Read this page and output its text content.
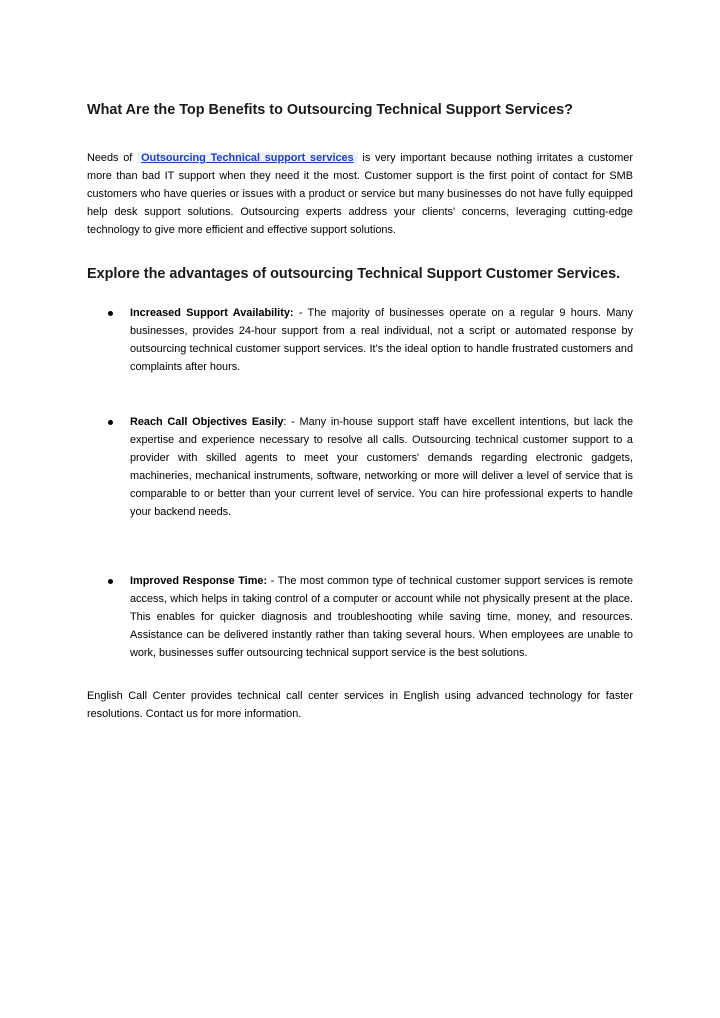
What Are the Top Benefits to Outsourcing Technical Support Services?

Needs of Outsourcing Technical support services is very important because nothing irritates a customer more than bad IT support when they need it the most. Customer support is the first point of contact for SMB customers who have queries or issues with a product or service but many businesses do not have fully equipped help desk support solutions. Outsourcing experts address your clients' concerns, leveraging cutting-edge technology to give more efficient and effective support solutions.

Explore the advantages of outsourcing Technical Support Customer Services.
Increased Support Availability: - The majority of businesses operate on a regular 9 hours. Many businesses, provides 24-hour support from a real individual, not a script or automated response by outsourcing technical customer support services. It’s the ideal option to handle frustrated customers and complaints after hours.
Reach Call Objectives Easily: - Many in-house support staff have excellent intentions, but lack the expertise and experience necessary to resolve all calls. Outsourcing technical customer support to a provider with skilled agents to meet your customers' demands regarding electronic gadgets, machineries, mechanical instruments, software, networking or more will deliver a level of service that is comparable to or better than your current level of service. You can hire professional experts to handle your backend needs.
Improved Response Time: - The most common type of technical customer support services is remote access, which helps in taking control of a computer or account while not physically present at the place. This enables for quicker diagnosis and troubleshooting while saving time, money, and resources. Assistance can be delivered instantly rather than taking several hours. When employees are unable to work, businesses suffer outsourcing technical support service is the best solutions.

English Call Center provides technical call center services in English using advanced technology for faster resolutions. Contact us for more information.
